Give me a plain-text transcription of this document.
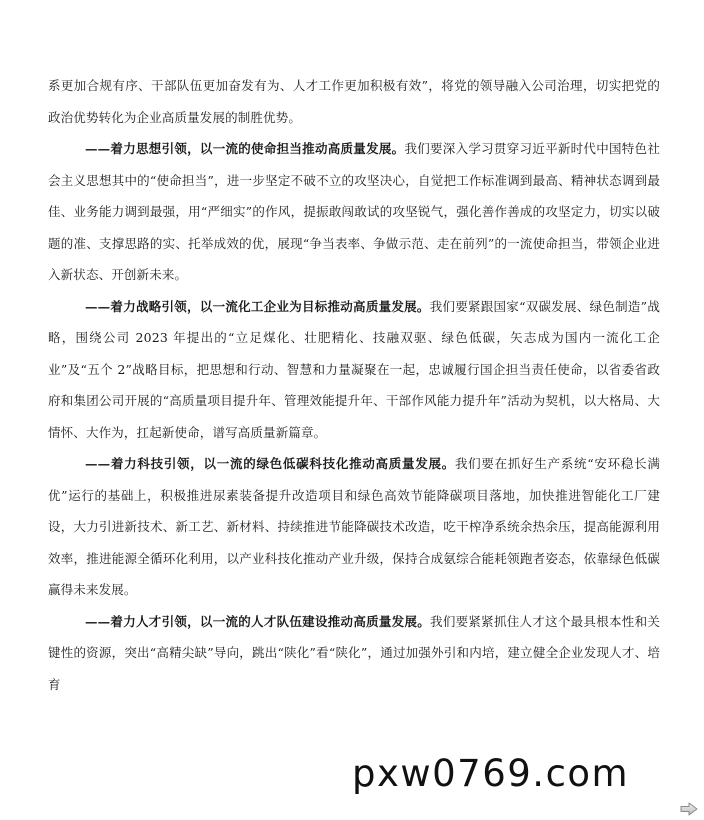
系更加合规有序、干部队伍更加奋发有为、人才工作更加积极有效”，将党的领导融入公司治理，切实把党的政治优势转化为企业高质量发展的制胜优势。

——着力思想引领，以一流的使命担当推动高质量发展。我们要深入学习贯穿习近平新时代中国特色社会主义思想其中的“使命担当”，进一步坚定不破不立的攻坚决心，自觉把工作标准调到最高、精神状态调到最佳、业务能力调到最强，用“严细实”的作风，提振敢闯敢试的攻坚锐气，强化善作善成的攻坚定力，切实以破题的准、支撑思路的实、托举成效的优，展现“争当表率、争做示范、走在前列”的一流使命担当，带领企业进入新状态、开创新未来。

——着力战略引领，以一流化工企业为目标推动高质量发展。我们要紧跟国家“双碳发展、绿色制造”战略，围绕公司 2023 年提出的“立足煤化、壮肥精化、技融双驱、绿色低碳，矢志成为国内一流化工企业”及“五个 2”战略目标，把思想和行动、智慧和力量凝聚在一起，忠诚履行国企担当责任使命，以省委省政府和集团公司开展的“高质量项目提升年、管理效能提升年、干部作风能力提升年”活动为契机，以大格局、大情怀、大作为，扛起新使命，谱写高质量新篇章。

——着力科技引领，以一流的绿色低碳科技化推动高质量发展。我们要在抓好生产系统“安环稳长满优”运行的基础上，积极推进尿素装备提升改造项目和绿色高效节能降碳项目落地，加快推进智能化工厂建设，大力引进新技术、新工艺、新材料、持续推进节能降碳技术改造，吃干榨净系统余热余压，提高能源利用效率，推进能源全循环化利用，以产业科技化推动产业升级，保持合成氨综合能耗领跑者姿态，依靠绿色低碳赢得未来发展。

——着力人才引领，以一流的人才队伍建设推动高质量发展。我们要紧紧抓住人才这个最具根本性和关键性的资源，突出“高精尖缺”导向，跳出“陕化”看“陕化”，通过加强外引和内培，建立健全企业发现人才、培育

pxw0769.com
